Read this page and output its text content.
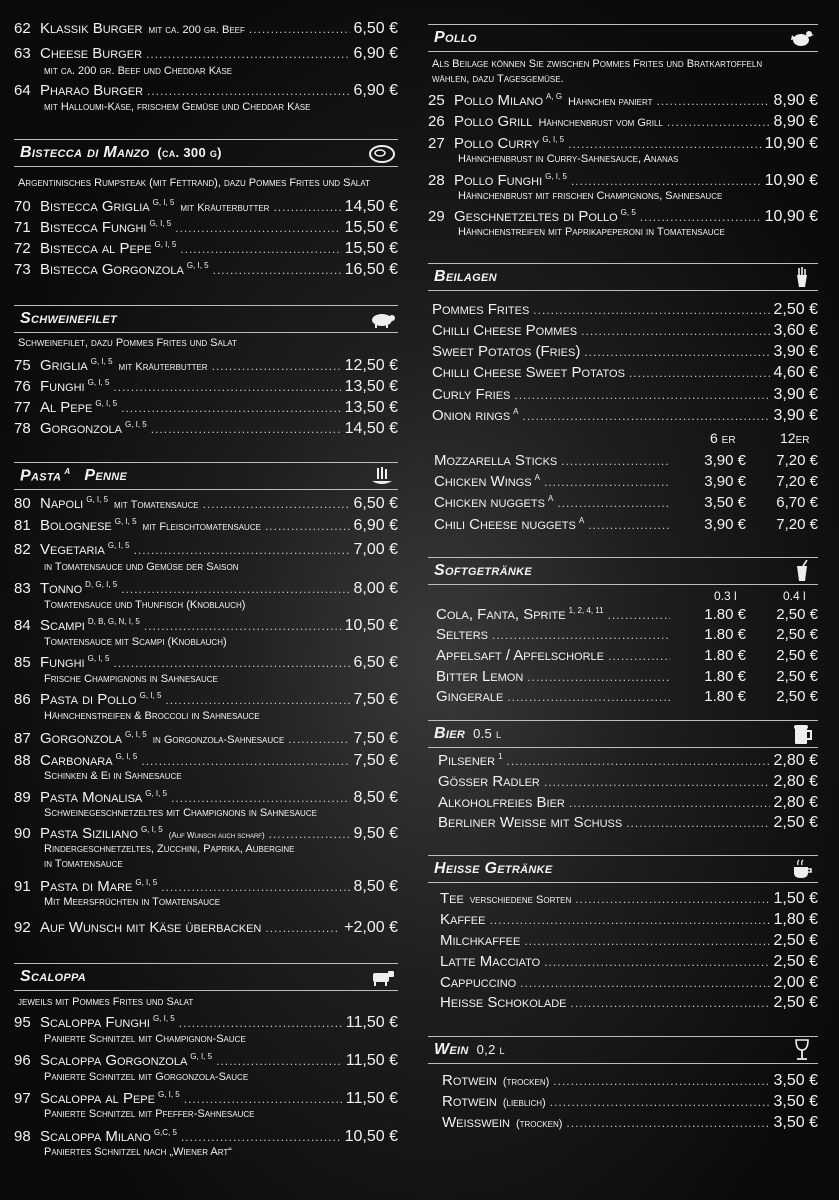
62 Klassik Burger mit ca. 200 gr. Beef .....	6,50 €
63 Cheese Burger .....	6,90 €
mit ca. 200 gr. Beef und Cheddar Käse
64 Pharao Burger .....	6,90 €
mit Halloumi-Käse, frischem Gemüse und Cheddar Käse
Bistecca di Manzo (ca. 300 g)
Argentinisches Rumpsteak (mit Fettrand), dazu Pommes Frites und Salat
70 Bistecca Griglia $^{G, I, 5}$ mit Kräuterbutter .....	14,50 €
71 Bistecca Funghi $^{G, I, 5}$ .....	15,50 €
72 Bistecca al Pepe $^{G, I, 5}$ .....	15,50 €
73 Bistecca Gorgonzola $^{G, I, 5}$ .....	16,50 €
Schweinefilet
Schweinefilet, dazu Pommes Frites und Salat
75 Griglia $^{G, I, 5}$ mit Kräuterbutter .....	12,50 €
76 Funghi $^{G, I, 5}$ .....	13,50 €
77 Al Pepe $^{G, I, 5}$ .....	13,50 €
78 Gorgonzola $^{G, I, 5}$ .....	14,50 €
Pasta $^A$ Penne
80 Napoli $^{G, I, 5}$ mit Tomatensauce .....	6,50 €
81 Bolognese $^{G, I, 5}$ mit Fleischtomatensauce .....	6,90 €
82 Vegetaria $^{G, I, 5}$ .....	7,00 €
in Tomatensauce und Gemüse der Saison
83 Tonno $^{D, G, I, 5}$ .....	8,00 €
Tomatensauce und Thunfisch (Knoblauch)
84 Scampi $^{D, B, G, N, I, 5}$ .....	10,50 €
Tomatensauce mit Scampi (Knoblauch)
85 Funghi $^{G, I, 5}$ .....	6,50 €
Frische Champignons in Sahnesauce
86 Pasta di Pollo $^{G, I, 5}$ .....	7,50 €
Hähnchenstreifen & Broccoli in Sahnesauce
87 Gorgonzola $^{G, I, 5}$ in Gorgonzola-Sahnesauce .....	7,50 €
88 Carbonara $^{G, I, 5}$ .....	7,50 €
Schinken & Ei in Sahnesauce
89 Pasta Monalisa $^{G, I, 5}$ .....	8,50 €
Schweinegeschnetzeltes mit Champignons in Sahnesauce
90 Pasta Siziliano $^{G, I, 5}$
(Auf Wunsch auch scharf) .....	9,50 €
Rindergeschnetzeltes, Zucchini, Paprika, Aubergine
in Tomatensauce
91 Pasta di Mare $^{G, I, 5}$ .....	8,50 €
Mit Meersfrüchten in Tomatensauce
92 Auf Wunsch mit Käse überbacken .....	+2,00 €
Scaloppa
jeweils mit Pommes Frites und Salat
95 Scaloppa Funghi $^{G, I, 5}$ .....	11,50 €
Panierte Schnitzel mit Champignon-Sauce
96 Scaloppa Gorgonzola $^{G, I, 5}$ .....	11,50 €
Panierte Schnitzel mit Gorgonzola-Sauce
97 Scaloppa al Pepe $^{G, I, 5}$ .....	11,50 €
Panierte Schnitzel mit Pfeffer-Sahnesauce
98 Scaloppa Milano $^{G,C, 5}$ .....	10,50 €
Paniertes Schnitzel nach „Wiener Art“
Pollo
Als Beilage können Sie zwischen Pommes Frites und Bratkartoffeln
wählen, dazu Tagesgemüse.
25 Pollo Milano $^{A, G}$ Hähnchen paniert .....	8,90 €
26 Pollo Grill Hähnchenbrust vom Grill .....	8,90 €
27 Pollo Curry $^{G, I, 5}$ .....	10,90 €
Hähnchenbrust in Curry-Sahnesauce, Ananas
28 Pollo Funghi $^{G, I, 5}$ .....	10,90 €
Hähnchenbrust mit frischen Champignons, Sahnesauce
29 Geschnetzeltes di Pollo $^{G, 5}$ .....	10,90 €
Hähnchenstreifen mit Paprikapeperoni in Tomatensauce
Beilagen
Pommes Frites .....	2,50 €
Chilli Cheese Pommes .....	3,60 €
Sweet Potatos (Fries) .....	3,90 €
Chilli Cheese Sweet Potatos .....	4,60 €
Curly Fries .....	3,90 €
Onion rings $^A$ .....	3,90 €
6 er	12er
Mozzarella Sticks .....	3,90 €	7,20 €
Chicken Wings $^A$ .....	3,90 €	7,20 €
Chicken nuggets $^A$ .....	3,50 €	6,70 €
Chili Cheese nuggets $^A$ .....	3,90 €	7,20 €
Softgetränke
0.3 l	0.4 l
Cola, Fanta, Sprite $^{1, 2, 4, 11}$ .....	1.80 €	2,50 €
Selters .....	1.80 €	2,50 €
Apfelsaft / Apfelschorle .....	1.80 €	2,50 €
Bitter Lemon .....	1.80 €	2,50 €
Gingerale .....	1.80 €	2,50 €
Bier 0.5 l
Pilsener $^1$ .....	2,80 €
Gösser Radler .....	2,80 €
Alkoholfreies Bier .....	2,80 €
Berliner Weisse mit Schuss .....	2,50 €
Heisse Getränke
Tee verschiedene Sorten .....	1,50 €
Kaffee .....	1,80 €
Milchkaffee .....	2,50 €
Latte Macciato .....	2,50 €
Cappuccino .....	2,00 €
Heisse Schokolade .....	2,50 €
Wein 0,2 l
Rotwein (trocken) .....	3,50 €
Rotwein (lieblich) .....	3,50 €
Weisswein (trocken) .....	3,50 €
